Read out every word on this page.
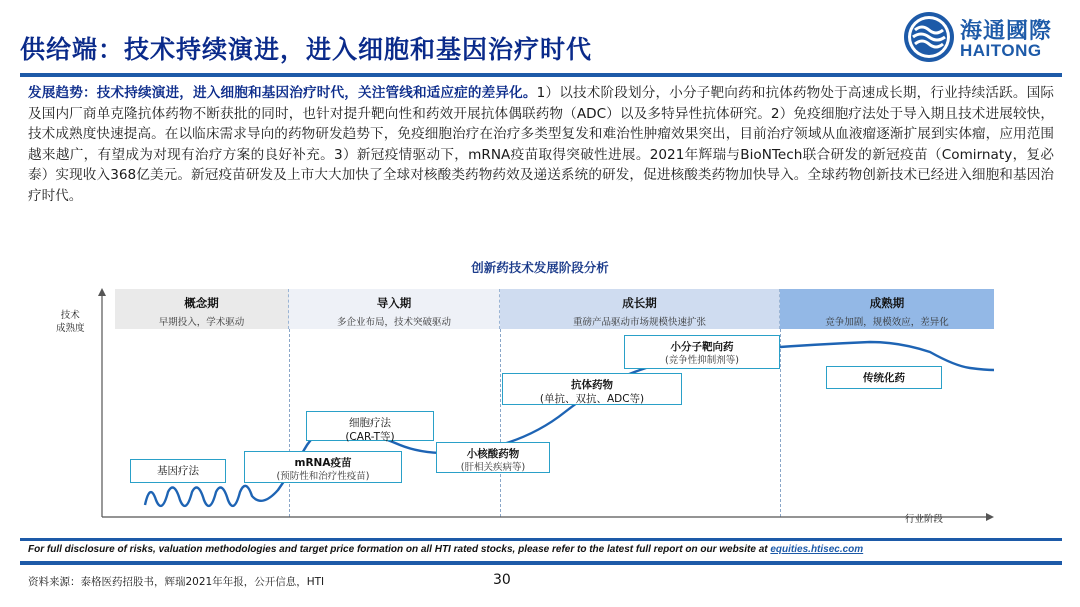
供给端：技术持续演进，进入细胞和基因治疗时代
海通國際
HAITONG
发展趋势：技术持续演进，进入细胞和基因治疗时代，关注管线和适应症的差异化。1）以技术阶段划分，小分子靶向药和抗体药物处于高速成长期，行业持续活跃。国际及国内厂商单克隆抗体药物不断获批的同时，也针对提升靶向性和药效开展抗体偶联药物（ADC）以及多特异性抗体研究。2）免疫细胞疗法处于导入期且技术进展较快，技术成熟度快速提高。在以临床需求导向的药物研发趋势下，免疫细胞治疗在治疗多类型复发和难治性肿瘤效果突出，目前治疗领域从血液瘤逐渐扩展到实体瘤，应用范围越来越广，有望成为对现有治疗方案的良好补充。3）新冠疫情驱动下，mRNA疫苗取得突破性进展。2021年辉瑞与BioNTech联合研发的新冠疫苗（Comirnaty，复必泰）实现收入368亿美元。新冠疫苗研发及上市大大加快了全球对核酸类药物药效及递送系统的研发，促进核酸类药物加快导入。全球药物创新技术已经进入细胞和基因治疗时代。
创新药技术发展阶段分析
概念期
早期投入，学术驱动
导入期
多企业布局，技术突破驱动
成长期
重磅产品驱动市场规模快速扩张
成熟期
竞争加剧，规模效应，差异化
技术
成熟度
行业阶段
基因疗法
mRNA疫苗
(预防性和治疗性疫苗)
细胞疗法
(CAR-T等)
小核酸药物
(肝相关疾病等)
抗体药物
(单抗、双抗、ADC等)
小分子靶向药
(竞争性抑制剂等)
传统化药
For full disclosure of risks, valuation methodologies and target price formation on all HTI rated stocks, please refer to the latest full report on our website at equities.htisec.com
资料来源：泰格医药招股书，辉瑞2021年年报，公开信息，HTI	30
